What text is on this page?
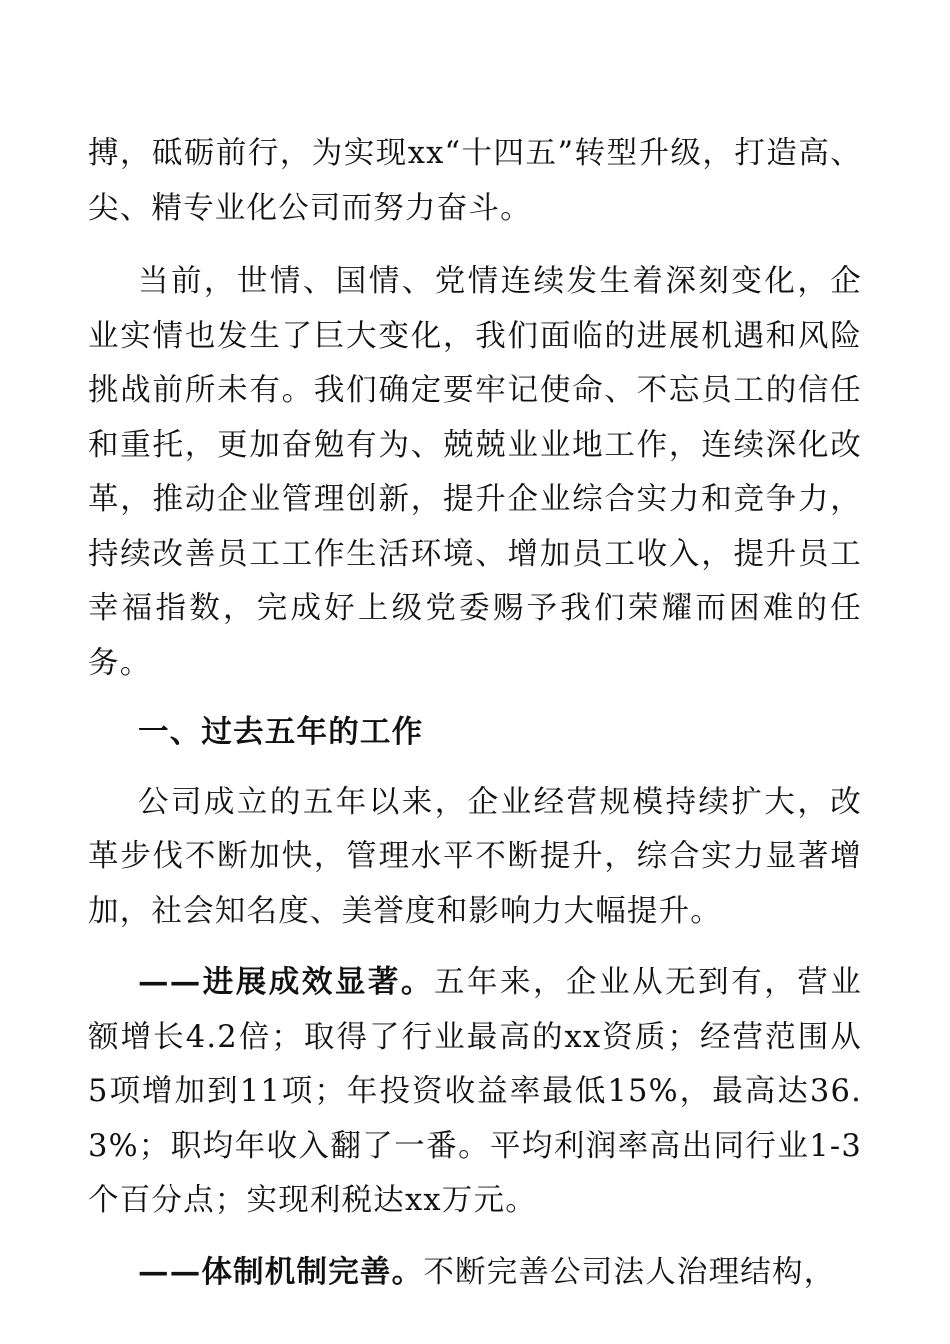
搏，砥砺前行，为实现xx“十四五”转型升级，打造高、尖、精专业化公司而努力奋斗。

当前，世情、国情、党情连续发生着深刻变化，企业实情也发生了巨大变化，我们面临的进展机遇和风险挑战前所未有。我们确定要牢记使命、不忘员工的信任和重托，更加奋勉有为、兢兢业业地工作，连续深化改革，推动企业管理创新，提升企业综合实力和竞争力，持续改善员工工作生活环境、增加员工收入，提升员工幸福指数，完成好上级党委赐予我们荣耀而困难的任务。

一、过去五年的工作

公司成立的五年以来，企业经营规模持续扩大，改革步伐不断加快，管理水平不断提升，综合实力显著增加，社会知名度、美誉度和影响力大幅提升。

——进展成效显著。五年来，企业从无到有，营业额增长4.2倍；取得了行业最高的xx资质；经营范围从5项增加到11项；年投资收益率最低15%，最高达36.3%；职均年收入翻了一番。平均利润率高出同行业1-3个百分点；实现利税达xx万元。

——体制机制完善。不断完善公司法人治理结构，
